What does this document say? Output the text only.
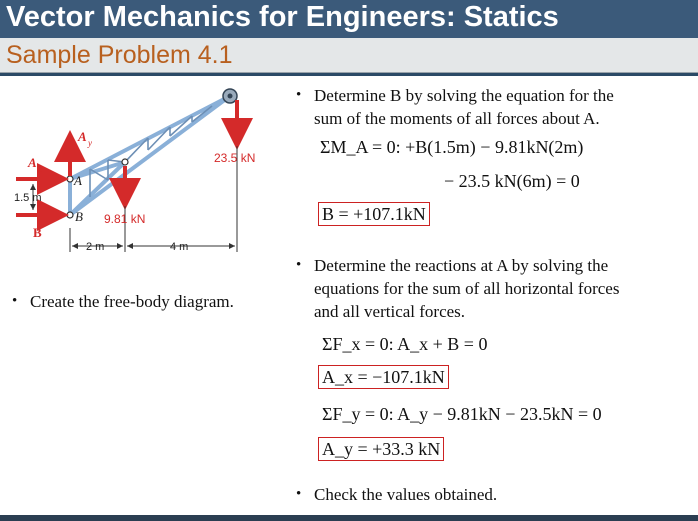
Vector Mechanics for Engineers: Statics
Sample Problem 4.1
23.5 kN
9.81 kN
A y
A x
A
B
B
1.5 m
2 m	4 m
• Create the free-body diagram.
• Determine B by solving the equation for the
sum of the moments of all forces about A.
ΣM_A = 0: +B(1.5m) − 9.81kN(2m)
− 23.5 kN(6m) = 0
B = +107.1kN
• Determine the reactions at A by solving the
equations for the sum of all horizontal forces
and all vertical forces.
ΣF_x = 0: A_x + B = 0
A_x = −107.1kN
ΣF_y = 0: A_y − 9.81kN − 23.5kN = 0
A_y = +33.3 kN
• Check the values obtained.
